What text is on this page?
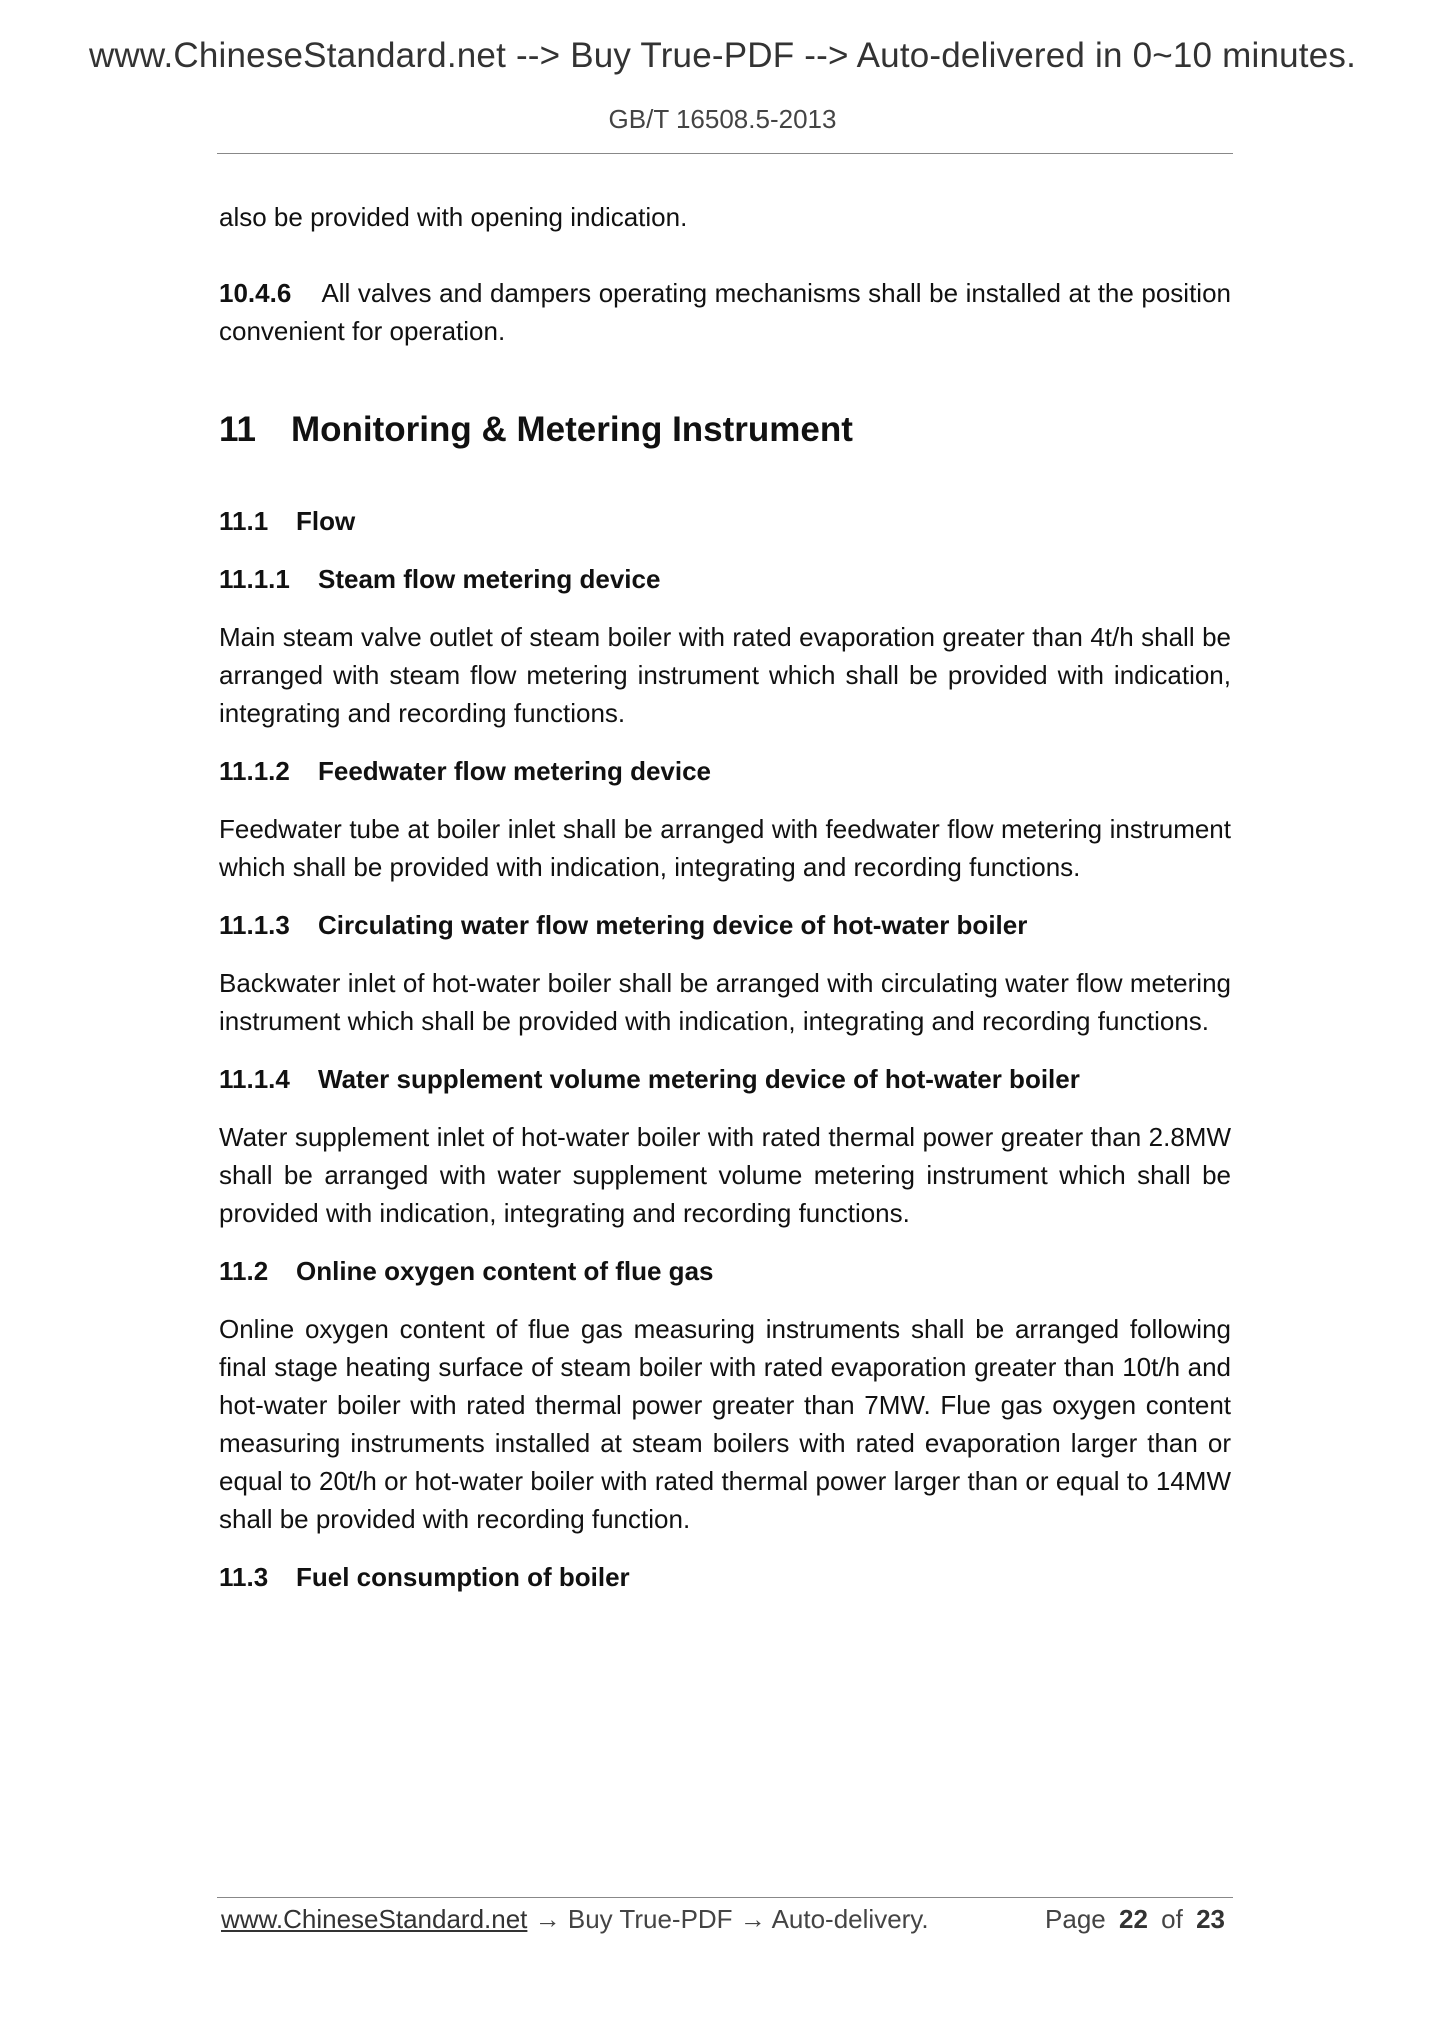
www.ChineseStandard.net --> Buy True-PDF --> Auto-delivered in 0~10 minutes.
GB/T 16508.5-2013

also be provided with opening indication.

10.4.6 All valves and dampers operating mechanisms shall be installed at the position convenient for operation.

11 Monitoring & Metering Instrument
11.1 Flow
11.1.1 Steam flow metering device

Main steam valve outlet of steam boiler with rated evaporation greater than 4t/h shall be arranged with steam flow metering instrument which shall be provided with indication, integrating and recording functions.

11.1.2 Feedwater flow metering device

Feedwater tube at boiler inlet shall be arranged with feedwater flow metering instrument which shall be provided with indication, integrating and recording functions.

11.1.3 Circulating water flow metering device of hot-water boiler

Backwater inlet of hot-water boiler shall be arranged with circulating water flow metering instrument which shall be provided with indication, integrating and recording functions.

11.1.4 Water supplement volume metering device of hot-water boiler

Water supplement inlet of hot-water boiler with rated thermal power greater than 2.8MW shall be arranged with water supplement volume metering instrument which shall be provided with indication, integrating and recording functions.

11.2 Online oxygen content of flue gas

Online oxygen content of flue gas measuring instruments shall be arranged following final stage heating surface of steam boiler with rated evaporation greater than 10t/h and hot-water boiler with rated thermal power greater than 7MW. Flue gas oxygen content measuring instruments installed at steam boilers with rated evaporation larger than or equal to 20t/h or hot-water boiler with rated thermal power larger than or equal to 14MW shall be provided with recording function.

11.3 Fuel consumption of boiler
www.ChineseStandard.net → Buy True-PDF → Auto-delivery.	Page 22 of 23
